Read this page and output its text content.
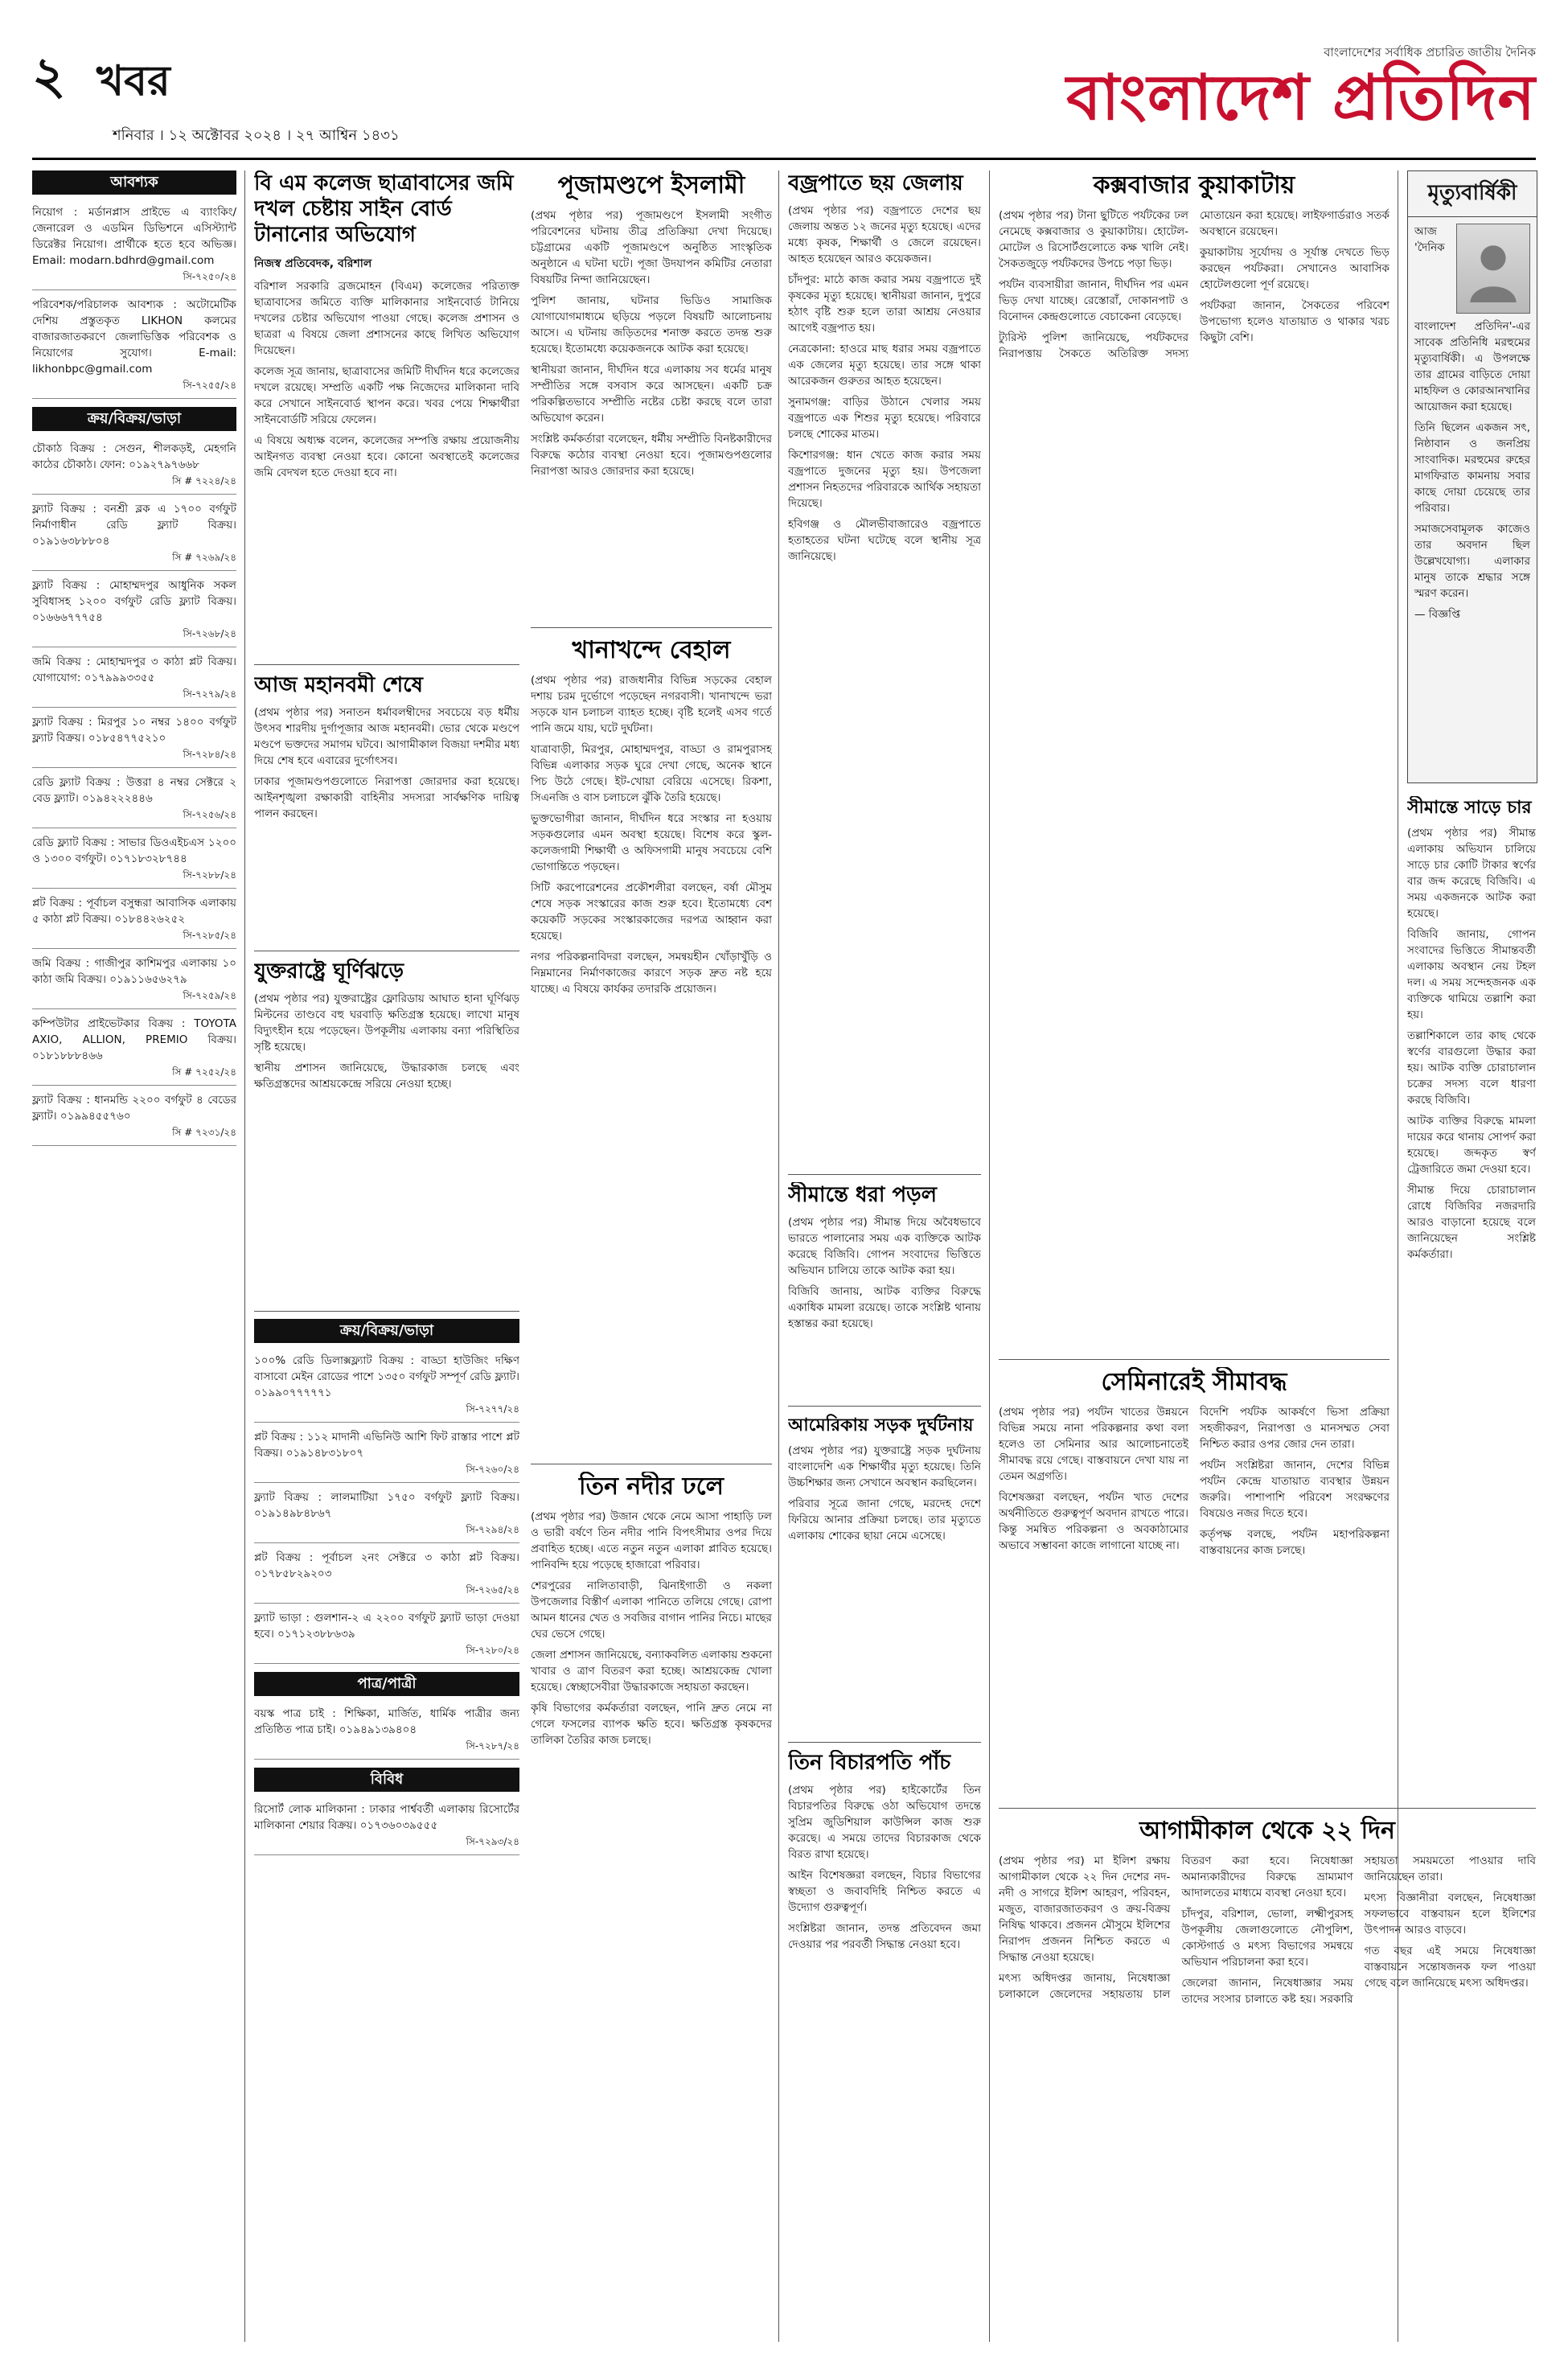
২ খবর
শনিবার । ১২ অক্টোবর ২০২৪ । ২৭ আশ্বিন ১৪৩১
বাংলাদেশের সর্বাধিক প্রচারিত জাতীয় দৈনিক
বাংলাদেশ প্রতিদিন
আবশ্যক
নিয়োগ : মর্ডানপ্লাস প্রাইভে এ ব্যাংকিং/জেনারেল ও এডমিন ডিভিশনে এসিস্ট্যান্ট ডিরেক্টর নিয়োগ। প্রার্থীকে হতে হবে অভিজ্ঞ। Email: modarn.bdhrd@gmail.com
সি-৭২৫০/২৪
পরিবেশক/পরিচালক আবশ্যক : অটোমেটিক দেশিয় প্রস্তুতকৃত LIKHON কলমের বাজারজাতকরণে জেলাভিত্তিক পরিবেশক ও নিয়োগের সুযোগ। E-mail: likhonbpc@gmail.com
সি-৭২৫৫/২৪
ক্রয়/বিক্রয়/ভাড়া
চৌকাঠ বিক্রয় : সেগুন, শীলকড়ই, মেহগনি কাঠের চৌকাঠ। ফোন: ০১৯২৭৯৭৬৬৮
সি # ৭২২৪/২৪
ফ্ল্যাট বিক্রয় : বনশ্রী ব্লক এ ১৭০০ বর্গফুট নির্মাণাধীন রেডি ফ্ল্যাট বিক্রয়। ০১৯১৬৩৮৮৮০৪
সি # ৭২৬৯/২৪
ফ্ল্যাট বিক্রয় : মোহাম্মদপুর আধুনিক সকল সুবিধাসহ ১২০০ বর্গফুট রেডি ফ্ল্যাট বিক্রয়। ০১৬৬৬৭৭৭৫৪
সি-৭২৬৮/২৪
জমি বিক্রয় : মোহাম্মদপুর ৩ কাঠা প্লট বিক্রয়। যোগাযোগ: ০১৭৯৯৯৩৩৫৫
সি-৭২৭৯/২৪
ফ্ল্যাট বিক্রয় : মিরপুর ১০ নম্বর ১৪০০ বর্গফুট ফ্ল্যাট বিক্রয়। ০১৮৫৪৭৭৫২১০
সি-৭২৮৪/২৪
রেডি ফ্ল্যাট বিক্রয় : উত্তরা ৪ নম্বর সেক্টরে ২ বেড ফ্ল্যাট। ০১৯৪২২২৪৪৬
সি-৭২৫৬/২৪
রেডি ফ্ল্যাট বিক্রয় : সাভার ডিওএইচএস ১২০০ ও ১৩০০ বর্গফুট। ০১৭১৮৩২৮৭৪৪
সি-৭২৮৮/২৪
প্লট বিক্রয় : পূর্বাচল বসুন্ধরা আবাসিক এলাকায় ৫ কাঠা প্লট বিক্রয়। ০১৮৪৪২৬২৫২
সি-৭২৮৫/২৪
জমি বিক্রয় : গাজীপুর কাশিমপুর এলাকায় ১০ কাঠা জমি বিক্রয়। ০১৯১১৬৫৬২৭৯
সি-৭২৫৯/২৪
কম্পিউটার প্রাইভেটকার বিক্রয় : TOYOTA AXIO, ALLION, PREMIO বিক্রয়। ০১৮১৮৮৮৪৬৬
সি # ৭২৫২/২৪
ফ্ল্যাট বিক্রয় : ধানমন্ডি ২২০০ বর্গফুট ৪ বেডের ফ্ল্যাট। ০১৯৯৪৫৫৭৬০
সি # ৭২৩১/২৪
বি এম কলেজ ছাত্রাবাসের জমি দখল চেষ্টায় সাইন বোর্ড টানানোর অভিযোগ
নিজস্ব প্রতিবেদক, বরিশাল

বরিশাল সরকারি ব্রজমোহন (বিএম) কলেজের পরিত্যক্ত ছাত্রাবাসের জমিতে ব্যক্তি মালিকানার সাইনবোর্ড টানিয়ে দখলের চেষ্টার অভিযোগ পাওয়া গেছে। কলেজ প্রশাসন ও ছাত্ররা এ বিষয়ে জেলা প্রশাসনের কাছে লিখিত অভিযোগ দিয়েছেন।

কলেজ সূত্র জানায়, ছাত্রাবাসের জমিটি দীর্ঘদিন ধরে কলেজের দখলে রয়েছে। সম্প্রতি একটি পক্ষ নিজেদের মালিকানা দাবি করে সেখানে সাইনবোর্ড স্থাপন করে। খবর পেয়ে শিক্ষার্থীরা সাইনবোর্ডটি সরিয়ে ফেলেন।

এ বিষয়ে অধ্যক্ষ বলেন, কলেজের সম্পত্তি রক্ষায় প্রয়োজনীয় আইনগত ব্যবস্থা নেওয়া হবে। কোনো অবস্থাতেই কলেজের জমি বেদখল হতে দেওয়া হবে না।

আজ মহানবমী শেষে

(প্রথম পৃষ্ঠার পর) সনাতন ধর্মাবলম্বীদের সবচেয়ে বড় ধর্মীয় উৎসব শারদীয় দুর্গাপূজার আজ মহানবমী। ভোর থেকে মণ্ডপে মণ্ডপে ভক্তদের সমাগম ঘটবে। আগামীকাল বিজয়া দশমীর মধ্য দিয়ে শেষ হবে এবারের দুর্গোৎসব।

ঢাকার পূজামণ্ডপগুলোতে নিরাপত্তা জোরদার করা হয়েছে। আইনশৃঙ্খলা রক্ষাকারী বাহিনীর সদস্যরা সার্বক্ষণিক দায়িত্ব পালন করছেন।

যুক্তরাষ্ট্রে ঘূর্ণিঝড়ে

(প্রথম পৃষ্ঠার পর) যুক্তরাষ্ট্রের ফ্লোরিডায় আঘাত হানা ঘূর্ণিঝড় মিল্টনের তাণ্ডবে বহু ঘরবাড়ি ক্ষতিগ্রস্ত হয়েছে। লাখো মানুষ বিদ্যুৎহীন হয়ে পড়েছেন। উপকূলীয় এলাকায় বন্যা পরিস্থিতির সৃষ্টি হয়েছে।

স্থানীয় প্রশাসন জানিয়েছে, উদ্ধারকাজ চলছে এবং ক্ষতিগ্রস্তদের আশ্রয়কেন্দ্রে সরিয়ে নেওয়া হচ্ছে।

ক্রয়/বিক্রয়/ভাড়া
১০০% রেডি ডিলাক্সফ্ল্যাট বিক্রয় : বাড্ডা হাউজিং দক্ষিণ বাসাবো মেইন রোডের পাশে ১৩৫০ বর্গফুট সম্পূর্ণ রেডি ফ্ল্যাট। ০১৯৯০৭৭৭৭৭১
সি-৭২৭৭/২৪
প্লট বিক্রয় : ১১২ মাদানী এভিনিউ আশি ফিট রাস্তার পাশে প্লট বিক্রয়। ০১৯১৪৮৩১৮০৭
সি-৭২৬০/২৪
ফ্ল্যাট বিক্রয় : লালমাটিয়া ১৭৫০ বর্গফুট ফ্ল্যাট বিক্রয়। ০১৯১৪৯৮৪৮৬৭
সি-৭২৯৪/২৪
প্লট বিক্রয় : পূর্বাচল ২নং সেক্টরে ৩ কাঠা প্লট বিক্রয়। ০১৭৮৫৮২৯২০৩
সি-৭২৬৫/২৪
ফ্ল্যাট ভাড়া : গুলশান-২ এ ২২০০ বর্গফুট ফ্ল্যাট ভাড়া দেওয়া হবে। ০১৭১২৩৮৮৬৩৯
সি-৭২৮০/২৪
পাত্র/পাত্রী
বয়স্ক পাত্র চাই : শিক্ষিকা, মার্জিত, ধার্মিক পাত্রীর জন্য প্রতিষ্ঠিত পাত্র চাই। ০১৯৪৯১৩৯৪০৪
সি-৭২৮৭/২৪
বিবিধ
রিসোর্ট লোক মালিকানা : ঢাকার পার্শ্ববর্তী এলাকায় রিসোর্টের মালিকানা শেয়ার বিক্রয়। ০১৭৩৬০৩৯৫৫৫
সি-৭২৯৩/২৪
পূজামণ্ডপে ইসলামী

(প্রথম পৃষ্ঠার পর) পূজামণ্ডপে ইসলামী সংগীত পরিবেশনের ঘটনায় তীব্র প্রতিক্রিয়া দেখা দিয়েছে। চট্টগ্রামের একটি পূজামণ্ডপে অনুষ্ঠিত সাংস্কৃতিক অনুষ্ঠানে এ ঘটনা ঘটে। পূজা উদযাপন কমিটির নেতারা বিষয়টির নিন্দা জানিয়েছেন।

পুলিশ জানায়, ঘটনার ভিডিও সামাজিক যোগাযোগমাধ্যমে ছড়িয়ে পড়লে বিষয়টি আলোচনায় আসে। এ ঘটনায় জড়িতদের শনাক্ত করতে তদন্ত শুরু হয়েছে। ইতোমধ্যে কয়েকজনকে আটক করা হয়েছে।

স্থানীয়রা জানান, দীর্ঘদিন ধরে এলাকায় সব ধর্মের মানুষ সম্প্রীতির সঙ্গে বসবাস করে আসছেন। একটি চক্র পরিকল্পিতভাবে সম্প্রীতি নষ্টের চেষ্টা করছে বলে তারা অভিযোগ করেন।

সংশ্লিষ্ট কর্মকর্তারা বলেছেন, ধর্মীয় সম্প্রীতি বিনষ্টকারীদের বিরুদ্ধে কঠোর ব্যবস্থা নেওয়া হবে। পূজামণ্ডপগুলোর নিরাপত্তা আরও জোরদার করা হয়েছে।

খানাখন্দে বেহাল

(প্রথম পৃষ্ঠার পর) রাজধানীর বিভিন্ন সড়কের বেহাল দশায় চরম দুর্ভোগে পড়েছেন নগরবাসী। খানাখন্দে ভরা সড়কে যান চলাচল ব্যাহত হচ্ছে। বৃষ্টি হলেই এসব গর্তে পানি জমে যায়, ঘটে দুর্ঘটনা।

যাত্রাবাড়ী, মিরপুর, মোহাম্মদপুর, বাড্ডা ও রামপুরাসহ বিভিন্ন এলাকার সড়ক ঘুরে দেখা গেছে, অনেক স্থানে পিচ উঠে গেছে। ইট-খোয়া বেরিয়ে এসেছে। রিকশা, সিএনজি ও বাস চলাচলে ঝুঁকি তৈরি হয়েছে।

ভুক্তভোগীরা জানান, দীর্ঘদিন ধরে সংস্কার না হওয়ায় সড়কগুলোর এমন অবস্থা হয়েছে। বিশেষ করে স্কুল-কলেজগামী শিক্ষার্থী ও অফিসগামী মানুষ সবচেয়ে বেশি ভোগান্তিতে পড়ছেন।

সিটি করপোরেশনের প্রকৌশলীরা বলছেন, বর্ষা মৌসুম শেষে সড়ক সংস্কারের কাজ শুরু হবে। ইতোমধ্যে বেশ কয়েকটি সড়কের সংস্কারকাজের দরপত্র আহ্বান করা হয়েছে।

নগর পরিকল্পনাবিদরা বলছেন, সমন্বয়হীন খোঁড়াখুঁড়ি ও নিম্নমানের নির্মাণকাজের কারণে সড়ক দ্রুত নষ্ট হয়ে যাচ্ছে। এ বিষয়ে কার্যকর তদারকি প্রয়োজন।

তিন নদীর ঢলে

(প্রথম পৃষ্ঠার পর) উজান থেকে নেমে আসা পাহাড়ি ঢল ও ভারী বর্ষণে তিন নদীর পানি বিপৎসীমার ওপর দিয়ে প্রবাহিত হচ্ছে। এতে নতুন নতুন এলাকা প্লাবিত হয়েছে। পানিবন্দি হয়ে পড়েছে হাজারো পরিবার।

শেরপুরের নালিতাবাড়ী, ঝিনাইগাতী ও নকলা উপজেলার বিস্তীর্ণ এলাকা পানিতে তলিয়ে গেছে। রোপা আমন ধানের খেত ও সবজির বাগান পানির নিচে। মাছের ঘের ভেসে গেছে।

জেলা প্রশাসন জানিয়েছে, বন্যাকবলিত এলাকায় শুকনো খাবার ও ত্রাণ বিতরণ করা হচ্ছে। আশ্রয়কেন্দ্র খোলা হয়েছে। স্বেচ্ছাসেবীরা উদ্ধারকাজে সহায়তা করছেন।

কৃষি বিভাগের কর্মকর্তারা বলছেন, পানি দ্রুত নেমে না গেলে ফসলের ব্যাপক ক্ষতি হবে। ক্ষতিগ্রস্ত কৃষকদের তালিকা তৈরির কাজ চলছে।

বজ্রপাতে ছয় জেলায়

(প্রথম পৃষ্ঠার পর) বজ্রপাতে দেশের ছয় জেলায় অন্তত ১২ জনের মৃত্যু হয়েছে। এদের মধ্যে কৃষক, শিক্ষার্থী ও জেলে রয়েছেন। আহত হয়েছেন আরও কয়েকজন।

চাঁদপুর: মাঠে কাজ করার সময় বজ্রপাতে দুই কৃষকের মৃত্যু হয়েছে। স্থানীয়রা জানান, দুপুরে হঠাৎ বৃষ্টি শুরু হলে তারা আশ্রয় নেওয়ার আগেই বজ্রপাত হয়।

নেত্রকোনা: হাওরে মাছ ধরার সময় বজ্রপাতে এক জেলের মৃত্যু হয়েছে। তার সঙ্গে থাকা আরেকজন গুরুতর আহত হয়েছেন।

সুনামগঞ্জ: বাড়ির উঠানে খেলার সময় বজ্রপাতে এক শিশুর মৃত্যু হয়েছে। পরিবারে চলছে শোকের মাতম।

কিশোরগঞ্জ: ধান খেতে কাজ করার সময় বজ্রপাতে দুজনের মৃত্যু হয়। উপজেলা প্রশাসন নিহতদের পরিবারকে আর্থিক সহায়তা দিয়েছে।

হবিগঞ্জ ও মৌলভীবাজারেও বজ্রপাতে হতাহতের ঘটনা ঘটেছে বলে স্থানীয় সূত্র জানিয়েছে।

সীমান্তে ধরা পড়ল

(প্রথম পৃষ্ঠার পর) সীমান্ত দিয়ে অবৈধভাবে ভারতে পালানোর সময় এক ব্যক্তিকে আটক করেছে বিজিবি। গোপন সংবাদের ভিত্তিতে অভিযান চালিয়ে তাকে আটক করা হয়।

বিজিবি জানায়, আটক ব্যক্তির বিরুদ্ধে একাধিক মামলা রয়েছে। তাকে সংশ্লিষ্ট থানায় হস্তান্তর করা হয়েছে।

আমেরিকায় সড়ক দুর্ঘটনায়

(প্রথম পৃষ্ঠার পর) যুক্তরাষ্ট্রে সড়ক দুর্ঘটনায় বাংলাদেশি এক শিক্ষার্থীর মৃত্যু হয়েছে। তিনি উচ্চশিক্ষার জন্য সেখানে অবস্থান করছিলেন।

পরিবার সূত্রে জানা গেছে, মরদেহ দেশে ফিরিয়ে আনার প্রক্রিয়া চলছে। তার মৃত্যুতে এলাকায় শোকের ছায়া নেমে এসেছে।

তিন বিচারপতি পাঁচ

(প্রথম পৃষ্ঠার পর) হাইকোর্টের তিন বিচারপতির বিরুদ্ধে ওঠা অভিযোগ তদন্তে সুপ্রিম জুডিশিয়াল কাউন্সিল কাজ শুরু করেছে। এ সময়ে তাদের বিচারকাজ থেকে বিরত রাখা হয়েছে।

আইন বিশেষজ্ঞরা বলছেন, বিচার বিভাগের স্বচ্ছতা ও জবাবদিহি নিশ্চিত করতে এ উদ্যোগ গুরুত্বপূর্ণ।

সংশ্লিষ্টরা জানান, তদন্ত প্রতিবেদন জমা দেওয়ার পর পরবর্তী সিদ্ধান্ত নেওয়া হবে।

কক্সবাজার কুয়াকাটায়

(প্রথম পৃষ্ঠার পর) টানা ছুটিতে পর্যটকের ঢল নেমেছে কক্সবাজার ও কুয়াকাটায়। হোটেল-মোটেল ও রিসোর্টগুলোতে কক্ষ খালি নেই। সৈকতজুড়ে পর্যটকদের উপচে পড়া ভিড়।

পর্যটন ব্যবসায়ীরা জানান, দীর্ঘদিন পর এমন ভিড় দেখা যাচ্ছে। রেস্তোরাঁ, দোকানপাট ও বিনোদন কেন্দ্রগুলোতে বেচাকেনা বেড়েছে।

ট্যুরিস্ট পুলিশ জানিয়েছে, পর্যটকদের নিরাপত্তায় সৈকতে অতিরিক্ত সদস্য মোতায়েন করা হয়েছে। লাইফগার্ডরাও সতর্ক অবস্থানে রয়েছেন।

কুয়াকাটায় সূর্যোদয় ও সূর্যাস্ত দেখতে ভিড় করছেন পর্যটকরা। সেখানেও আবাসিক হোটেলগুলো পূর্ণ রয়েছে।

পর্যটকরা জানান, সৈকতের পরিবেশ উপভোগ্য হলেও যাতায়াত ও থাকার খরচ কিছুটা বেশি।

সেমিনারেই সীমাবদ্ধ

(প্রথম পৃষ্ঠার পর) পর্যটন খাতের উন্নয়নে বিভিন্ন সময়ে নানা পরিকল্পনার কথা বলা হলেও তা সেমিনার আর আলোচনাতেই সীমাবদ্ধ রয়ে গেছে। বাস্তবায়নে দেখা যায় না তেমন অগ্রগতি।

বিশেষজ্ঞরা বলছেন, পর্যটন খাত দেশের অর্থনীতিতে গুরুত্বপূর্ণ অবদান রাখতে পারে। কিন্তু সমন্বিত পরিকল্পনা ও অবকাঠামোর অভাবে সম্ভাবনা কাজে লাগানো যাচ্ছে না।

বিদেশি পর্যটক আকর্ষণে ভিসা প্রক্রিয়া সহজীকরণ, নিরাপত্তা ও মানসম্মত সেবা নিশ্চিত করার ওপর জোর দেন তারা।

পর্যটন সংশ্লিষ্টরা জানান, দেশের বিভিন্ন পর্যটন কেন্দ্রে যাতায়াত ব্যবস্থার উন্নয়ন জরুরি। পাশাপাশি পরিবেশ সংরক্ষণের বিষয়েও নজর দিতে হবে।

কর্তৃপক্ষ বলছে, পর্যটন মহাপরিকল্পনা বাস্তবায়নের কাজ চলছে।

আগামীকাল থেকে ২২ দিন

(প্রথম পৃষ্ঠার পর) মা ইলিশ রক্ষায় আগামীকাল থেকে ২২ দিন দেশের নদ-নদী ও সাগরে ইলিশ আহরণ, পরিবহন, মজুত, বাজারজাতকরণ ও ক্রয়-বিক্রয় নিষিদ্ধ থাকবে। প্রজনন মৌসুমে ইলিশের নিরাপদ প্রজনন নিশ্চিত করতে এ সিদ্ধান্ত নেওয়া হয়েছে।

মৎস্য অধিদপ্তর জানায়, নিষেধাজ্ঞা চলাকালে জেলেদের সহায়তায় চাল বিতরণ করা হবে। নিষেধাজ্ঞা অমান্যকারীদের বিরুদ্ধে ভ্রাম্যমাণ আদালতের মাধ্যমে ব্যবস্থা নেওয়া হবে।

চাঁদপুর, বরিশাল, ভোলা, লক্ষ্মীপুরসহ উপকূলীয় জেলাগুলোতে নৌপুলিশ, কোস্টগার্ড ও মৎস্য বিভাগের সমন্বয়ে অভিযান পরিচালনা করা হবে।

জেলেরা জানান, নিষেধাজ্ঞার সময় তাদের সংসার চালাতে কষ্ট হয়। সরকারি সহায়তা সময়মতো পাওয়ার দাবি জানিয়েছেন তারা।

মৎস্য বিজ্ঞানীরা বলছেন, নিষেধাজ্ঞা সফলভাবে বাস্তবায়ন হলে ইলিশের উৎপাদন আরও বাড়বে।

গত বছর এই সময়ে নিষেধাজ্ঞা বাস্তবায়নে সন্তোষজনক ফল পাওয়া গেছে বলে জানিয়েছে মৎস্য অধিদপ্তর।

মৃত্যুবার্ষিকী

আজ 'দৈনিক বাংলাদেশ প্রতিদিন'-এর সাবেক প্রতিনিধি মরহুমের মৃত্যুবার্ষিকী। এ উপলক্ষে তার গ্রামের বাড়িতে দোয়া মাহফিল ও কোরআনখানির আয়োজন করা হয়েছে।

তিনি ছিলেন একজন সৎ, নিষ্ঠাবান ও জনপ্রিয় সাংবাদিক। মরহুমের রুহের মাগফিরাত কামনায় সবার কাছে দোয়া চেয়েছে তার পরিবার।

সমাজসেবামূলক কাজেও তার অবদান ছিল উল্লেখযোগ্য। এলাকার মানুষ তাকে শ্রদ্ধার সঙ্গে স্মরণ করেন।

— বিজ্ঞপ্তি

সীমান্তে সাড়ে চার

(প্রথম পৃষ্ঠার পর) সীমান্ত এলাকায় অভিযান চালিয়ে সাড়ে চার কোটি টাকার স্বর্ণের বার জব্দ করেছে বিজিবি। এ সময় একজনকে আটক করা হয়েছে।

বিজিবি জানায়, গোপন সংবাদের ভিত্তিতে সীমান্তবর্তী এলাকায় অবস্থান নেয় টহল দল। এ সময় সন্দেহজনক এক ব্যক্তিকে থামিয়ে তল্লাশি করা হয়।

তল্লাশিকালে তার কাছ থেকে স্বর্ণের বারগুলো উদ্ধার করা হয়। আটক ব্যক্তি চোরাচালান চক্রের সদস্য বলে ধারণা করছে বিজিবি।

আটক ব্যক্তির বিরুদ্ধে মামলা দায়ের করে থানায় সোপর্দ করা হয়েছে। জব্দকৃত স্বর্ণ ট্রেজারিতে জমা দেওয়া হবে।

সীমান্ত দিয়ে চোরাচালান রোধে বিজিবির নজরদারি আরও বাড়ানো হয়েছে বলে জানিয়েছেন সংশ্লিষ্ট কর্মকর্তারা।
